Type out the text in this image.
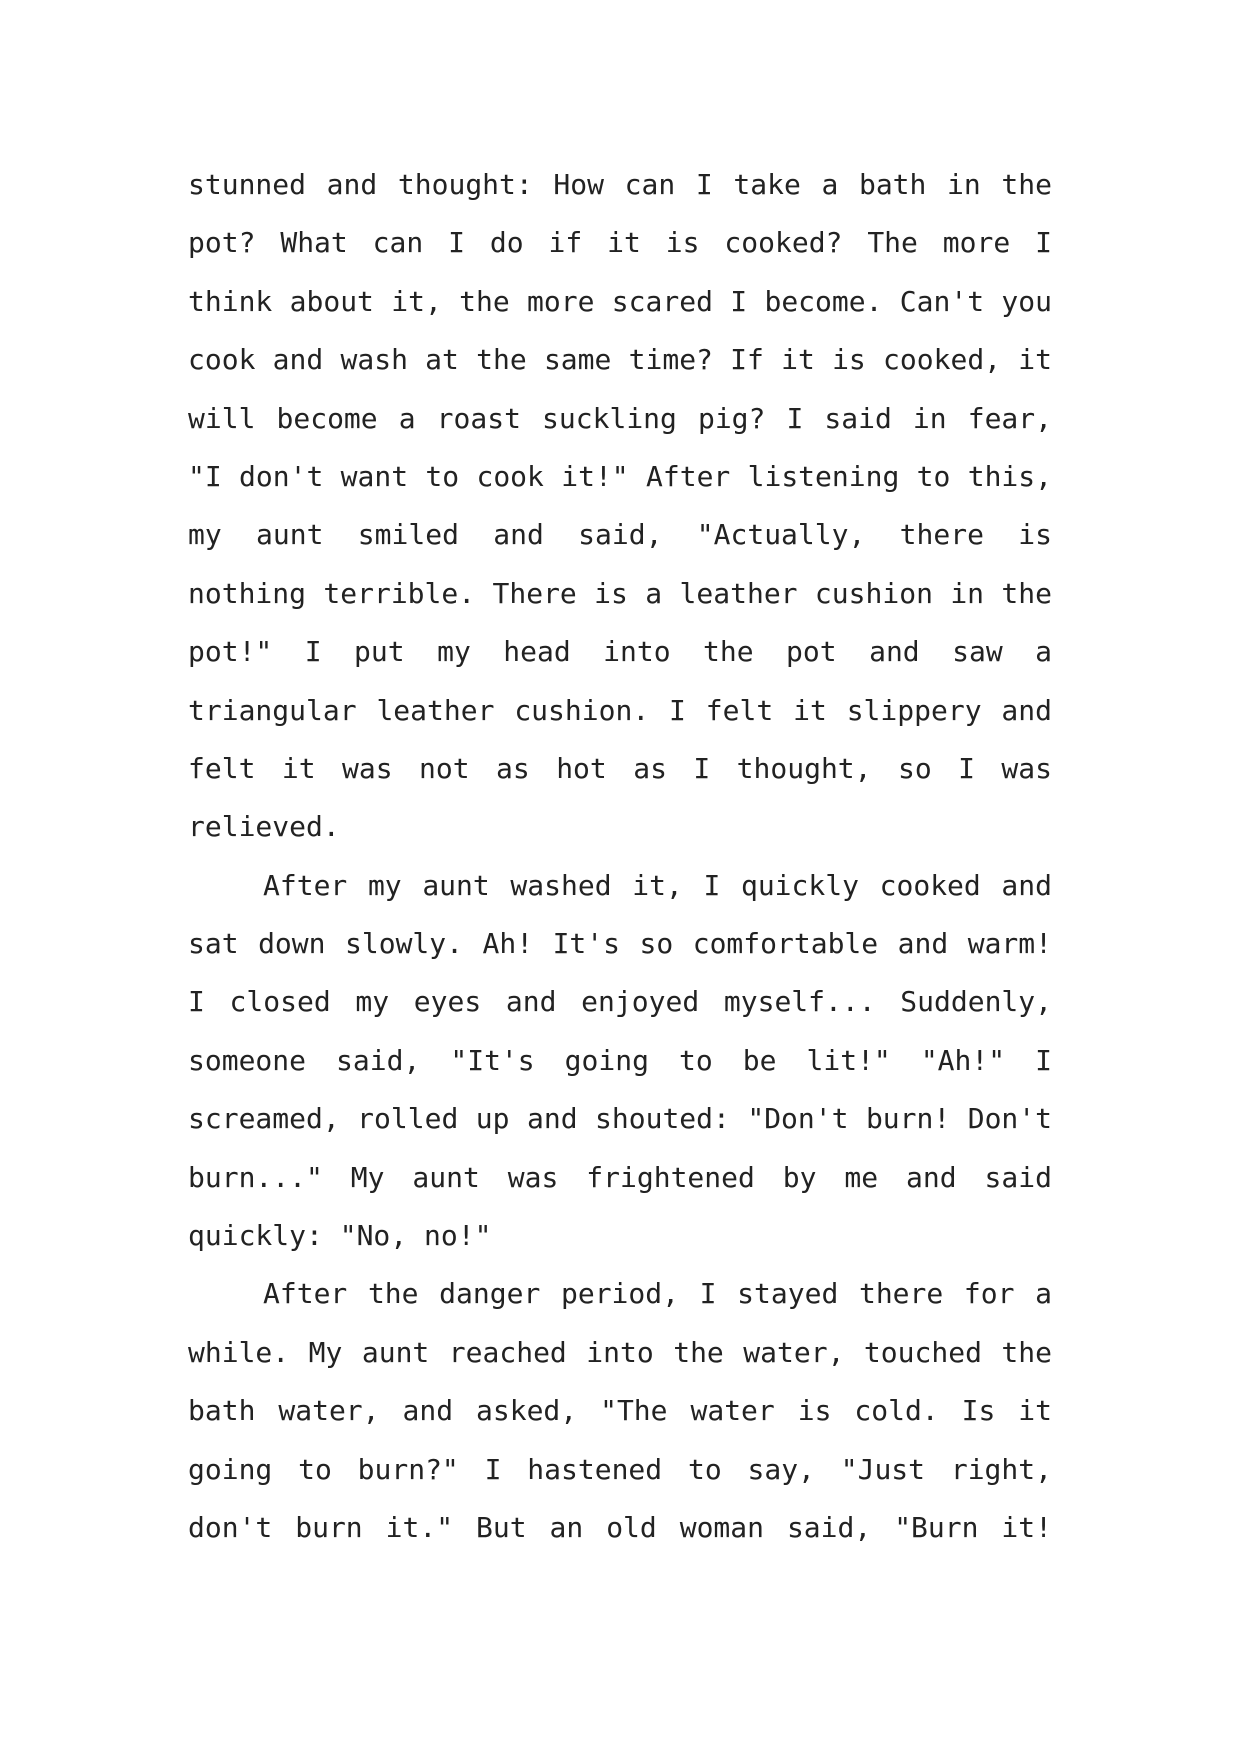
stunned and thought: How can I take a bath in the
pot? What can I do if it is cooked? The more I
think about it, the more scared I become. Can't you
cook and wash at the same time? If it is cooked, it
will become a roast suckling pig? I said in fear,
"I don't want to cook it!" After listening to this,
my aunt smiled and said, "Actually, there is
nothing terrible. There is a leather cushion in the
pot!" I put my head into the pot and saw a
triangular leather cushion. I felt it slippery and
felt it was not as hot as I thought, so I was
relieved.
After my aunt washed it, I quickly cooked and
sat down slowly. Ah! It's so comfortable and warm!
I closed my eyes and enjoyed myself... Suddenly,
someone said, "It's going to be lit!" "Ah!" I
screamed, rolled up and shouted: "Don't burn! Don't
burn..." My aunt was frightened by me and said
quickly: "No, no!"
After the danger period, I stayed there for a
while. My aunt reached into the water, touched the
bath water, and asked, "The water is cold. Is it
going to burn?" I hastened to say, "Just right,
don't burn it." But an old woman said, "Burn it!
